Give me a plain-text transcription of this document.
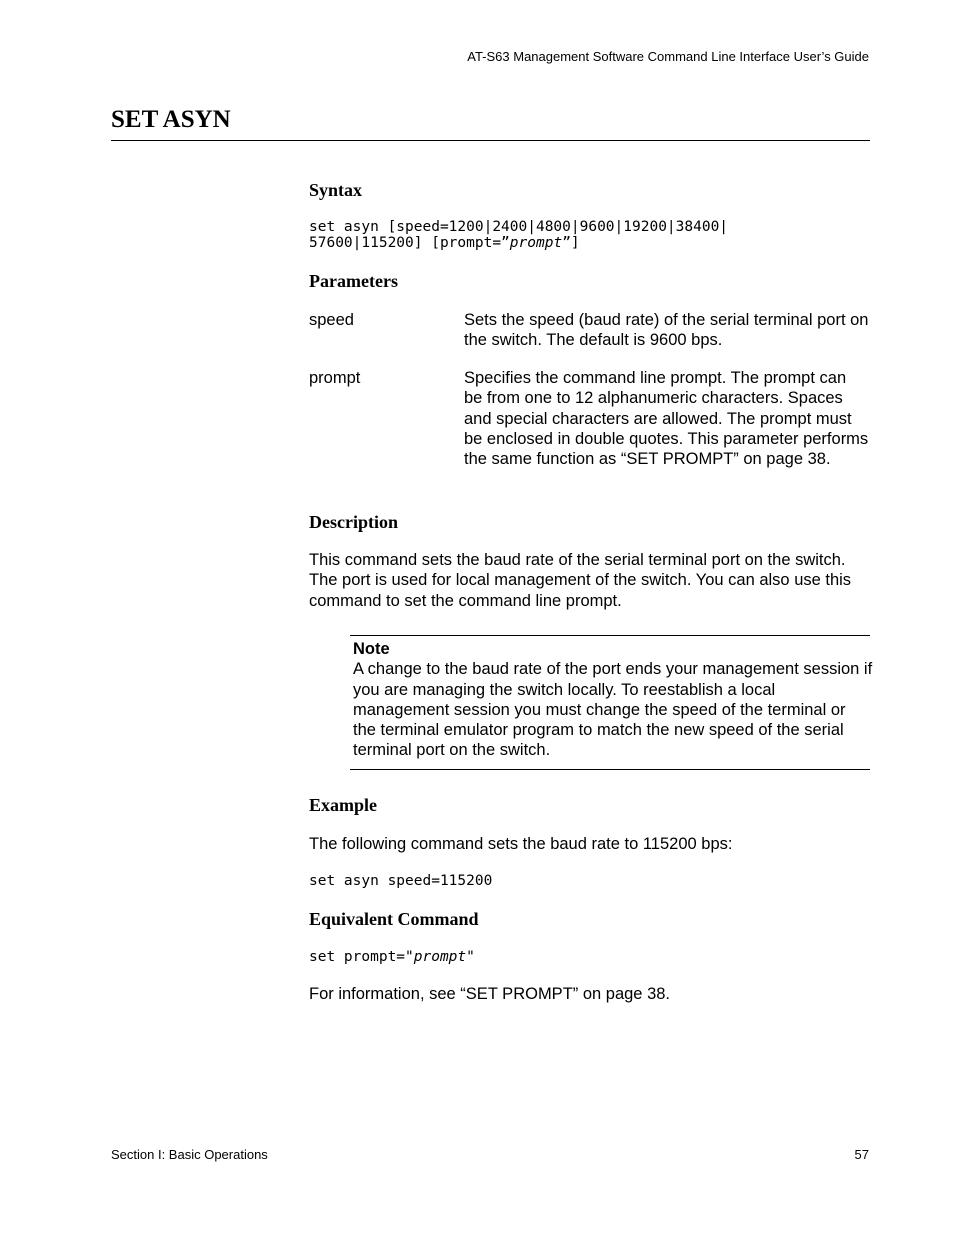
AT-S63 Management Software Command Line Interface User’s Guide
SET ASYN
Syntax
set asyn [speed=1200|2400|4800|9600|19200|38400|
57600|115200] [prompt=”prompt”]
Parameters
speed	Sets the speed (baud rate) of the serial terminal port on the switch. The default is 9600 bps.
prompt	Specifies the command line prompt. The prompt can be from one to 12 alphanumeric characters. Spaces and special characters are allowed. The prompt must be enclosed in double quotes. This parameter performs the same function as “SET PROMPT” on page 38.
Description
This command sets the baud rate of the serial terminal port on the switch. The port is used for local management of the switch. You can also use this command to set the command line prompt.
Note
A change to the baud rate of the port ends your management session if you are managing the switch locally. To reestablish a local management session you must change the speed of the terminal or the terminal emulator program to match the new speed of the serial terminal port on the switch.
Example
The following command sets the baud rate to 115200 bps:
set asyn speed=115200
Equivalent Command
set prompt="prompt"
For information, see “SET PROMPT” on page 38.
Section I: Basic Operations	57
